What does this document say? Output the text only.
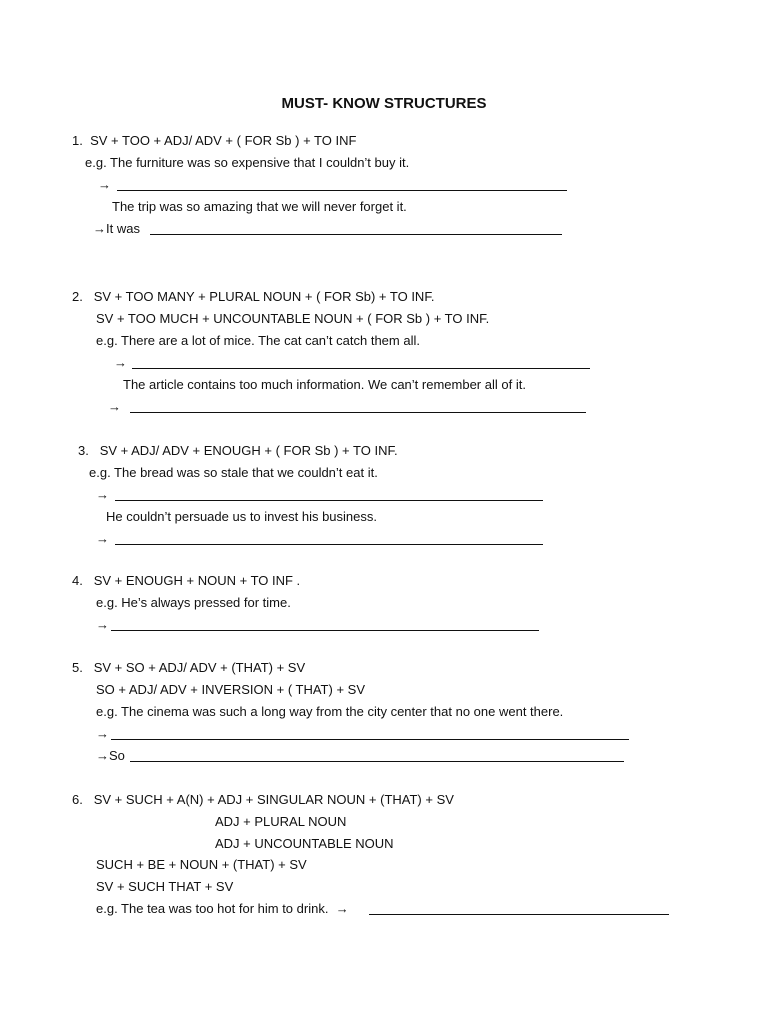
MUST- KNOW STRUCTURES
1. SV + TOO + ADJ/ ADV + ( FOR Sb ) + TO INF
e.g. The furniture was so expensive that I couldn’t buy it.
→
The trip was so amazing that we will never forget it.
→It was
2. SV + TOO MANY + PLURAL NOUN + ( FOR Sb) + TO INF.
SV + TOO MUCH + UNCOUNTABLE NOUN + ( FOR Sb ) + TO INF.
e.g. There are a lot of mice. The cat can’t catch them all.
→
The article contains too much information. We can’t remember all of it.
→
3. SV + ADJ/ ADV + ENOUGH + ( FOR Sb ) + TO INF.
e.g. The bread was so stale that we couldn’t eat it.
→
He couldn’t persuade us to invest his business.
→
4. SV + ENOUGH + NOUN + TO INF .
e.g. He’s always pressed for time.
→
5. SV + SO + ADJ/ ADV + (THAT) + SV
SO + ADJ/ ADV + INVERSION + ( THAT) + SV
e.g. The cinema was such a long way from the city center that no one went there.
→
→So
6. SV + SUCH + A(N) + ADJ + SINGULAR NOUN + (THAT) + SV
ADJ + PLURAL NOUN
ADJ + UNCOUNTABLE NOUN
SUCH + BE + NOUN + (THAT) + SV
SV + SUCH THAT + SV
e.g. The tea was too hot for him to drink. →
